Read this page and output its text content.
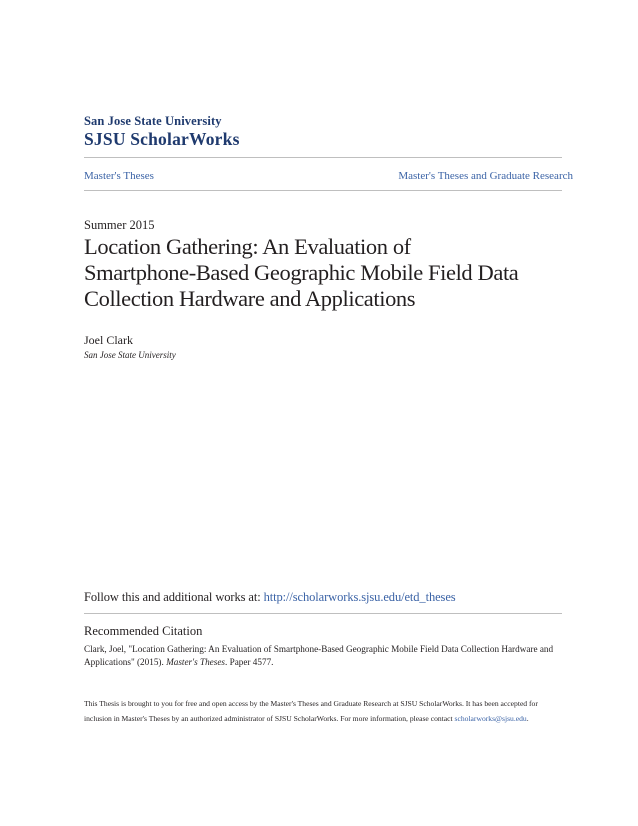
San Jose State University
SJSU ScholarWorks
Master's Theses	Master's Theses and Graduate Research
Summer 2015
Location Gathering: An Evaluation of
Smartphone-Based Geographic Mobile Field Data
Collection Hardware and Applications
Joel Clark
San Jose State University
Follow this and additional works at: http://scholarworks.sjsu.edu/etd_theses
Recommended Citation
Clark, Joel, "Location Gathering: An Evaluation of Smartphone-Based Geographic Mobile Field Data Collection Hardware and Applications" (2015). Master's Theses. Paper 4577.
This Thesis is brought to you for free and open access by the Master's Theses and Graduate Research at SJSU ScholarWorks. It has been accepted for inclusion in Master's Theses by an authorized administrator of SJSU ScholarWorks. For more information, please contact scholarworks@sjsu.edu.
